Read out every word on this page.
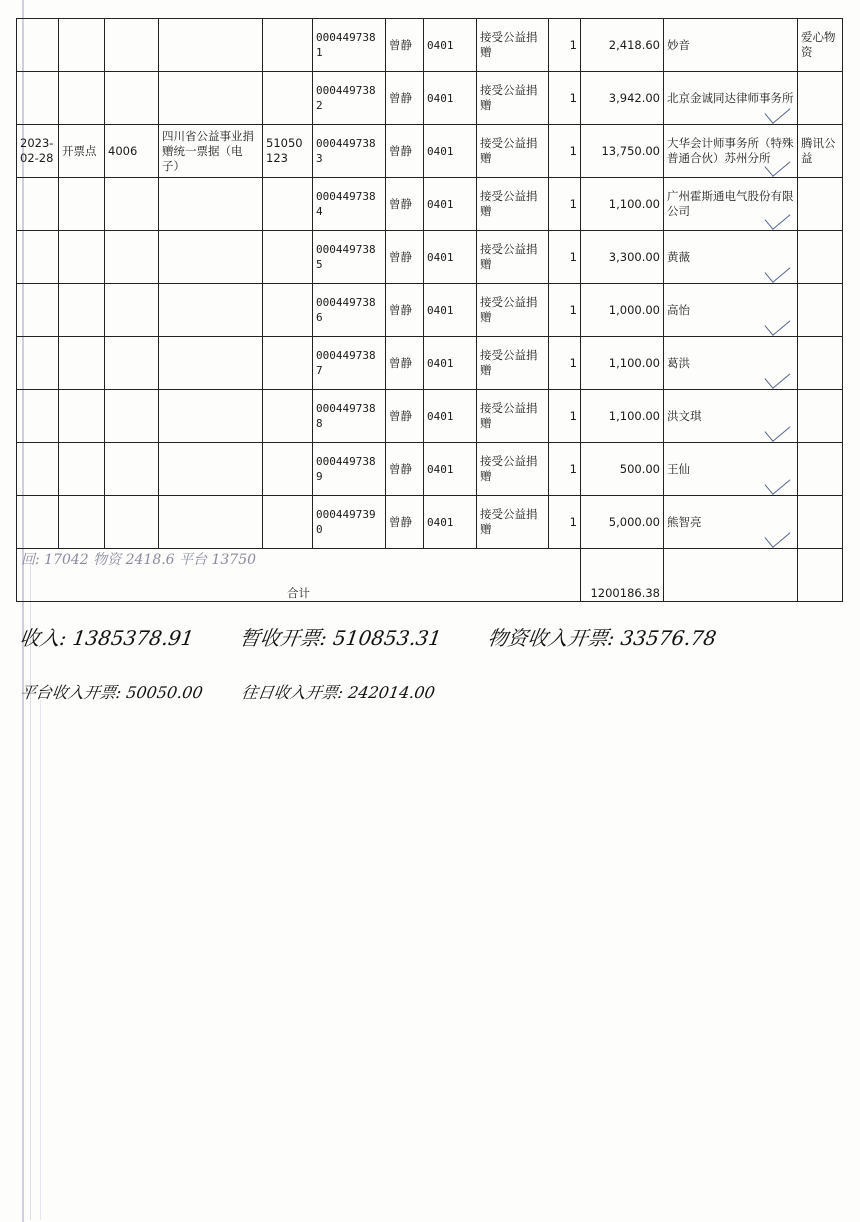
					0004497381	曾静	0401	接受公益捐赠	1	2,418.60	妙音	爱心物资
					0004497382	曾静	0401	接受公益捐赠	1	3,942.00	北京金诚同达律师事务所

2023-02-28	开票点	4006	四川省公益事业捐赠统一票据（电子）	51050123	0004497383	曾静	0401	接受公益捐赠	1	13,750.00	大华会计师事务所（特殊普通合伙）苏州分所	腾讯公益
					0004497384	曾静	0401	接受公益捐赠	1	1,100.00	广州霍斯通电气股份有限公司

					0004497385	曾静	0401	接受公益捐赠	1	3,300.00	黄薇

					0004497386	曾静	0401	接受公益捐赠	1	1,000.00	高怡

					0004497387	曾静	0401	接受公益捐赠	1	1,100.00	葛洪

					0004497388	曾静	0401	接受公益捐赠	1	1,100.00	洪文琪

					0004497389	曾静	0401	接受公益捐赠	1	500.00	王仙

					0004497390	曾静	0401	接受公益捐赠	1	5,000.00	熊智亮

回: 17042 物资 2418.6 平台 13750
合计										1200186.38		
收入: 1385378.91 暂收开票: 510853.31 物资收入开票: 33576.78
平台收入开票: 50050.00 往日收入开票: 242014.00
